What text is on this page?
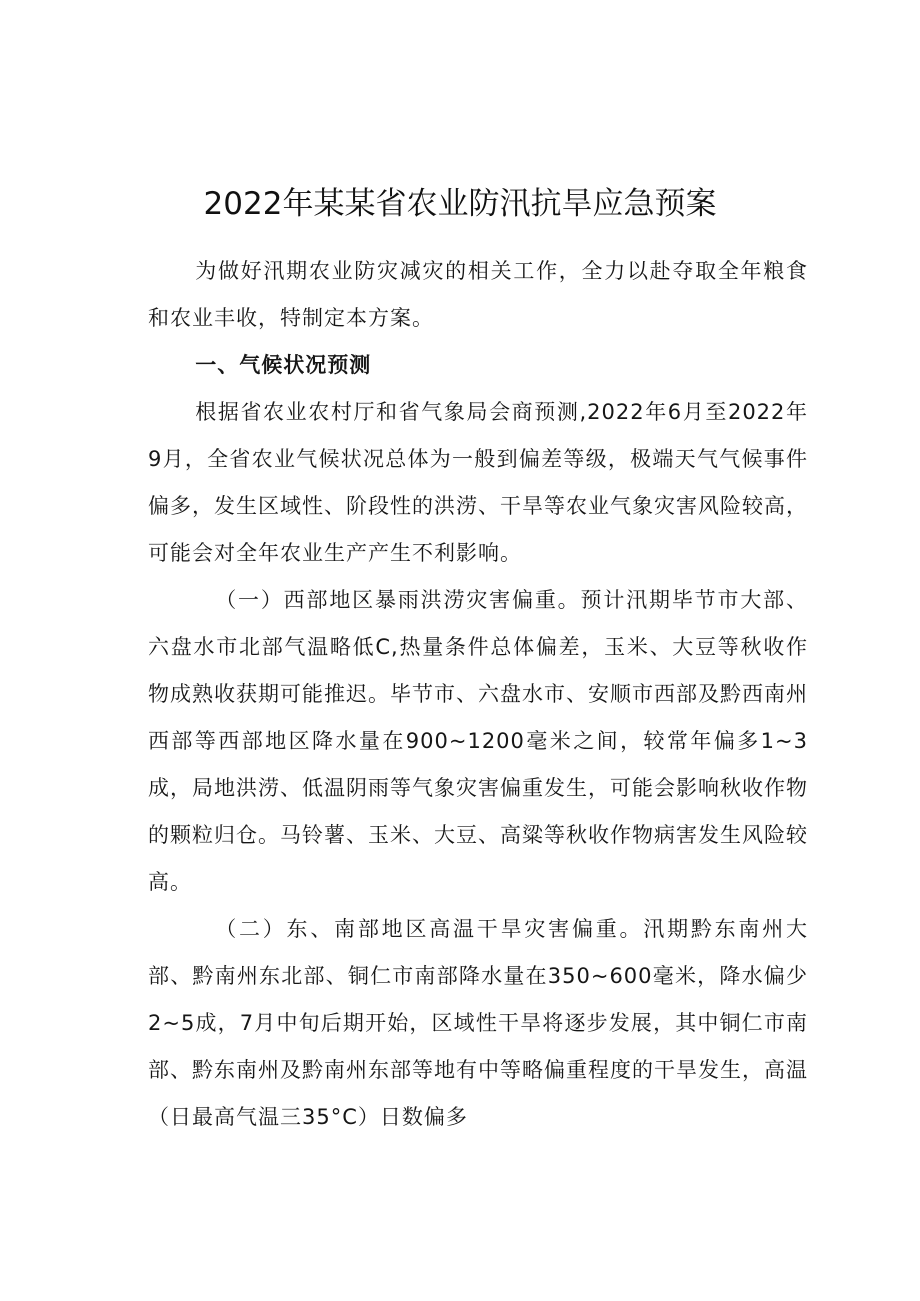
2022年某某省农业防汛抗旱应急预案

为做好汛期农业防灾减灾的相关工作，全力以赴夺取全年粮食和农业丰收，特制定本方案。

一、气候状况预测

根据省农业农村厅和省气象局会商预测,2022年6月至2022年9月，全省农业气候状况总体为一般到偏差等级，极端天气气候事件偏多，发生区域性、阶段性的洪涝、干旱等农业气象灾害风险较高，可能会对全年农业生产产生不利影响。

（一）西部地区暴雨洪涝灾害偏重。预计汛期毕节市大部、六盘水市北部气温略低C,热量条件总体偏差，玉米、大豆等秋收作物成熟收获期可能推迟。毕节市、六盘水市、安顺市西部及黔西南州西部等西部地区降水量在900~1200毫米之间，较常年偏多1~3成，局地洪涝、低温阴雨等气象灾害偏重发生，可能会影响秋收作物的颗粒归仓。马铃薯、玉米、大豆、高粱等秋收作物病害发生风险较高。

（二）东、南部地区高温干旱灾害偏重。汛期黔东南州大部、黔南州东北部、铜仁市南部降水量在350~600毫米，降水偏少2~5成，7月中旬后期开始，区域性干旱将逐步发展，其中铜仁市南部、黔东南州及黔南州东部等地有中等略偏重程度的干旱发生，高温（日最高气温三35°C）日数偏多
